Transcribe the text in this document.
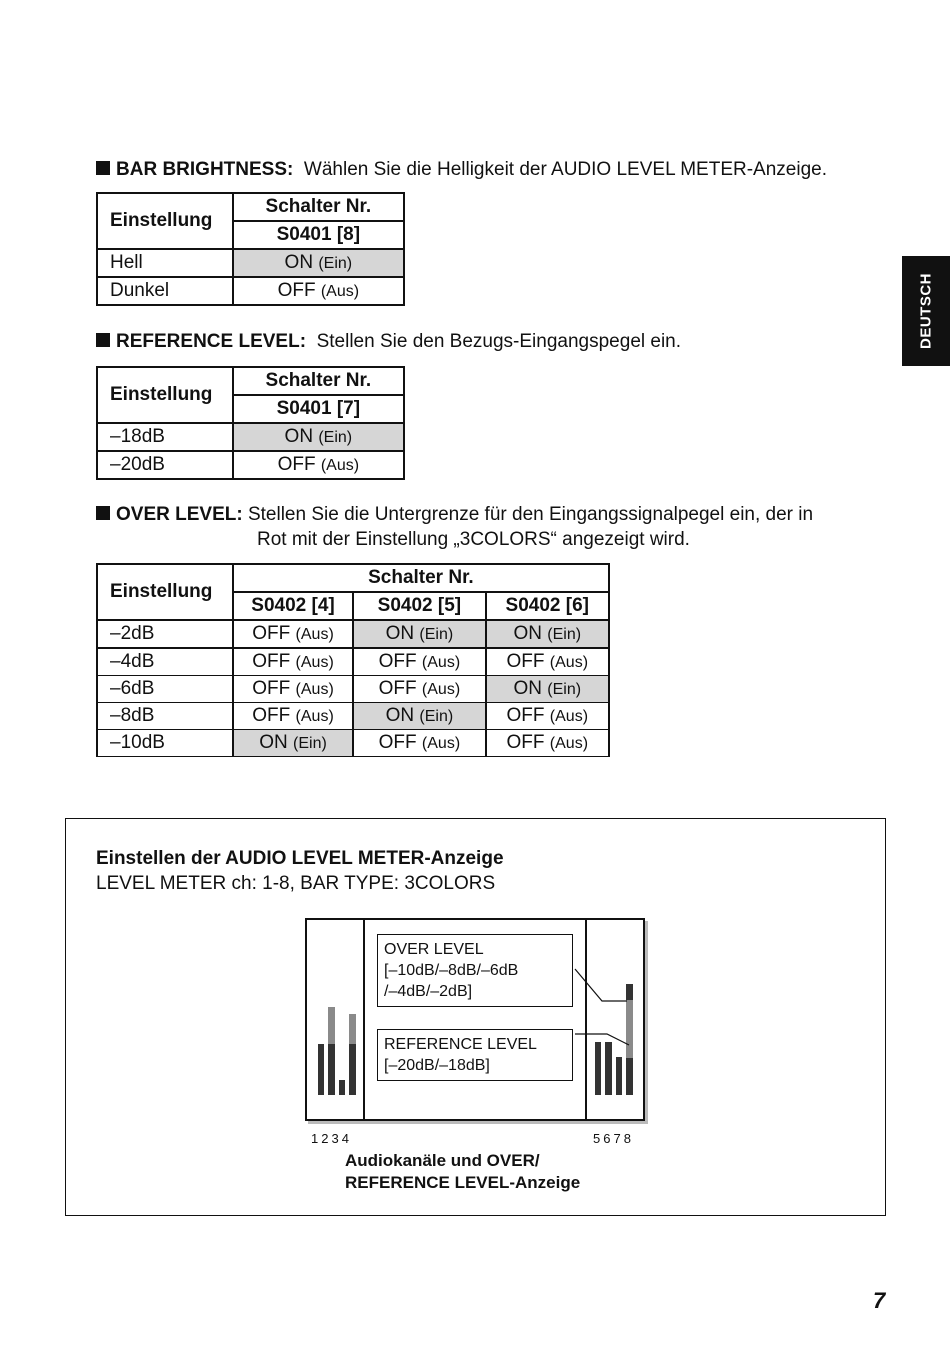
DEUTSCH
BAR BRIGHTNESS: Wählen Sie die Helligkeit der AUDIO LEVEL METER-Anzeige.
Einstellung	Schalter Nr.
	S0401 [8]
Hell	ON (Ein)
Dunkel	OFF (Aus)
REFERENCE LEVEL: Stellen Sie den Bezugs-Eingangspegel ein.
Einstellung	Schalter Nr.
	S0401 [7]
–18dB	ON (Ein)
–20dB	OFF (Aus)
OVER LEVEL: Stellen Sie die Untergrenze für den Eingangssignalpegel ein, der in
Rot mit der Einstellung „3COLORS“ angezeigt wird.
Einstellung	Schalter Nr.		
	S0402 [4]	S0402 [5]	S0402 [6]
–2dB	OFF (Aus)	ON (Ein)	ON (Ein)
–4dB	OFF (Aus)	OFF (Aus)	OFF (Aus)
–6dB	OFF (Aus)	OFF (Aus)	ON (Ein)
–8dB	OFF (Aus)	ON (Ein)	OFF (Aus)
–10dB	ON (Ein)	OFF (Aus)	OFF (Aus)
Einstellen der AUDIO LEVEL METER-Anzeige
LEVEL METER ch: 1-8, BAR TYPE: 3COLORS
OVER LEVEL
[–10dB/–8dB/–6dB
/–4dB/–2dB]
REFERENCE LEVEL
[–20dB/–18dB]
1234	5678
Audiokanäle und OVER/
REFERENCE LEVEL-Anzeige
7
